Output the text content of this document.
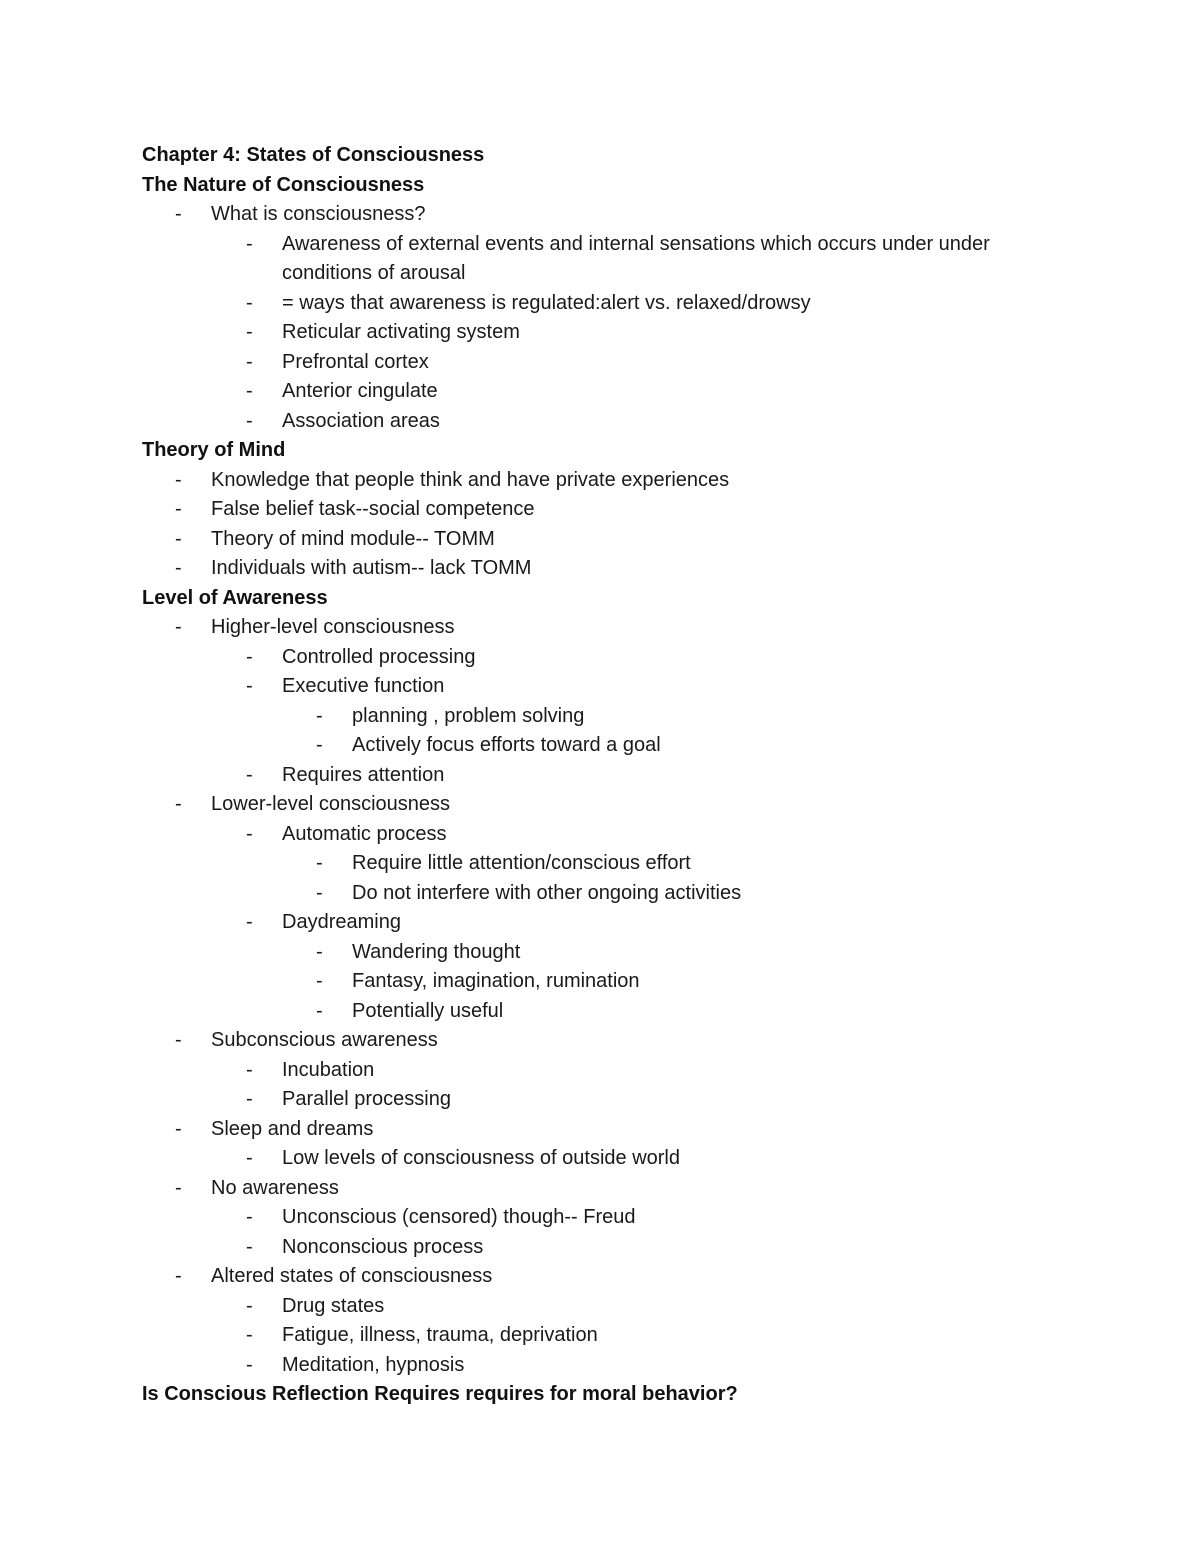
Chapter 4: States of Consciousness
The Nature of Consciousness
- What is consciousness?
- Awareness of external events and internal sensations which occurs under under
conditions of arousal
- = ways that awareness is regulated:alert vs. relaxed/drowsy
- Reticular activating system
- Prefrontal cortex
- Anterior cingulate
- Association areas
Theory of Mind
- Knowledge that people think and have private experiences
- False belief task--social competence
- Theory of mind module-- TOMM
- Individuals with autism-- lack TOMM
Level of Awareness
- Higher-level consciousness
- Controlled processing
- Executive function
- planning , problem solving
- Actively focus efforts toward a goal
- Requires attention
- Lower-level consciousness
- Automatic process
- Require little attention/conscious effort
- Do not interfere with other ongoing activities
- Daydreaming
- Wandering thought
- Fantasy, imagination, rumination
- Potentially useful
- Subconscious awareness
- Incubation
- Parallel processing
- Sleep and dreams
- Low levels of consciousness of outside world
- No awareness
- Unconscious (censored) though-- Freud
- Nonconscious process
- Altered states of consciousness
- Drug states
- Fatigue, illness, trauma, deprivation
- Meditation, hypnosis
Is Conscious Reflection Requires requires for moral behavior?
